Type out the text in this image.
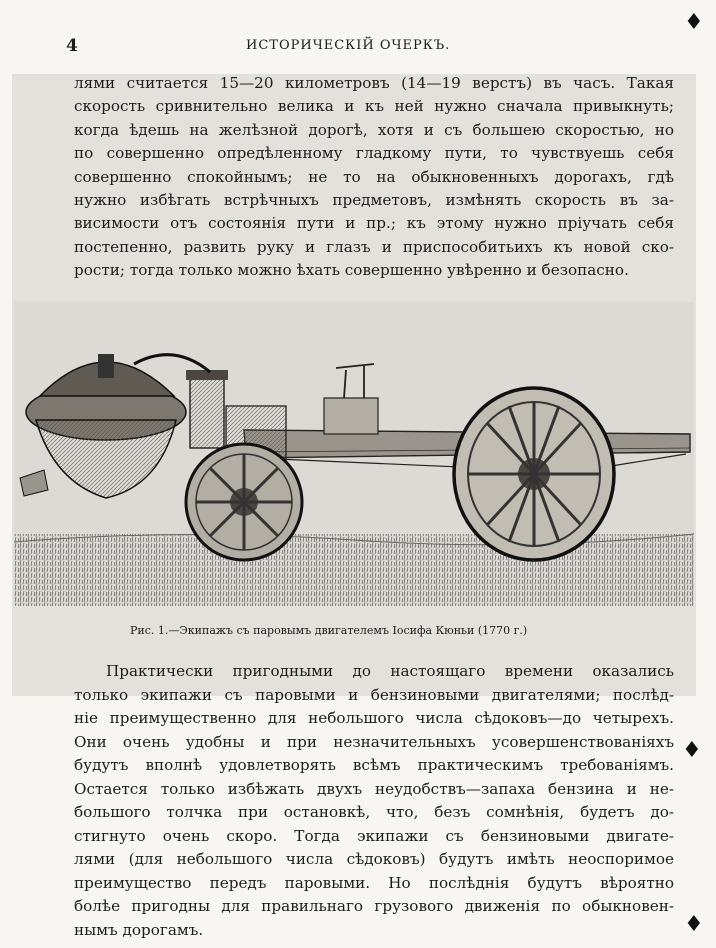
4	ИСТОРИЧЕСКІЙ ОЧЕРКЪ.
лями считается 15—20 километровъ (14—19 верстъ) въ часъ. Такая
скорость сривнительно велика и къ ней нужно сначала привыкнуть;
когда ѣдешь на желѣзной дорогѣ, хотя и съ большею скоростью, но
по совершенно опредѣленному гладкому пути, то чувствуешь себя
совершенно спокойнымъ; не то на обыкновенныхъ дорогахъ, гдѣ
нужно избѣгать встрѣчныхъ предметовъ, измѣнять скорость въ за-
висимости отъ состоянія пути и пр.; къ этому нужно пріучать себя
постепенно, развить руку и глазъ и приспособитьихъ къ новой ско-
рости; тогда только можно ѣхать совершенно увѣренно и безопасно.
Рис. 1.—Экипажъ съ паровымъ двигателемъ Іосифа Кюньи (1770 г.)
Практически пригодными до настоящаго времени оказались
только экипажи съ паровыми и бензиновыми двигателями; послѣд-
ніе преимущественно для небольшого числа сѣдоковъ—до четырехъ.
Они очень удобны и при незначительныхъ усовершенствованіяхъ
будутъ вполнѣ удовлетворять всѣмъ практическимъ требованіямъ.
Остается только избѣжать двухъ неудобствъ—запаха бензина и не-
большого толчка при остановкѣ, что, безъ сомнѣнія, будетъ до-
стигнуто очень скоро. Тогда экипажи съ бензиновыми двигате-
лями (для небольшого числа сѣдоковъ) будутъ имѣть неоспоримое
преимущество передъ паровыми. Но послѣднія будутъ вѣроятно
болѣе пригодны для правильнаго грузового движенія по обыкновен-
нымъ дорогамъ.
♦
♦
♦
